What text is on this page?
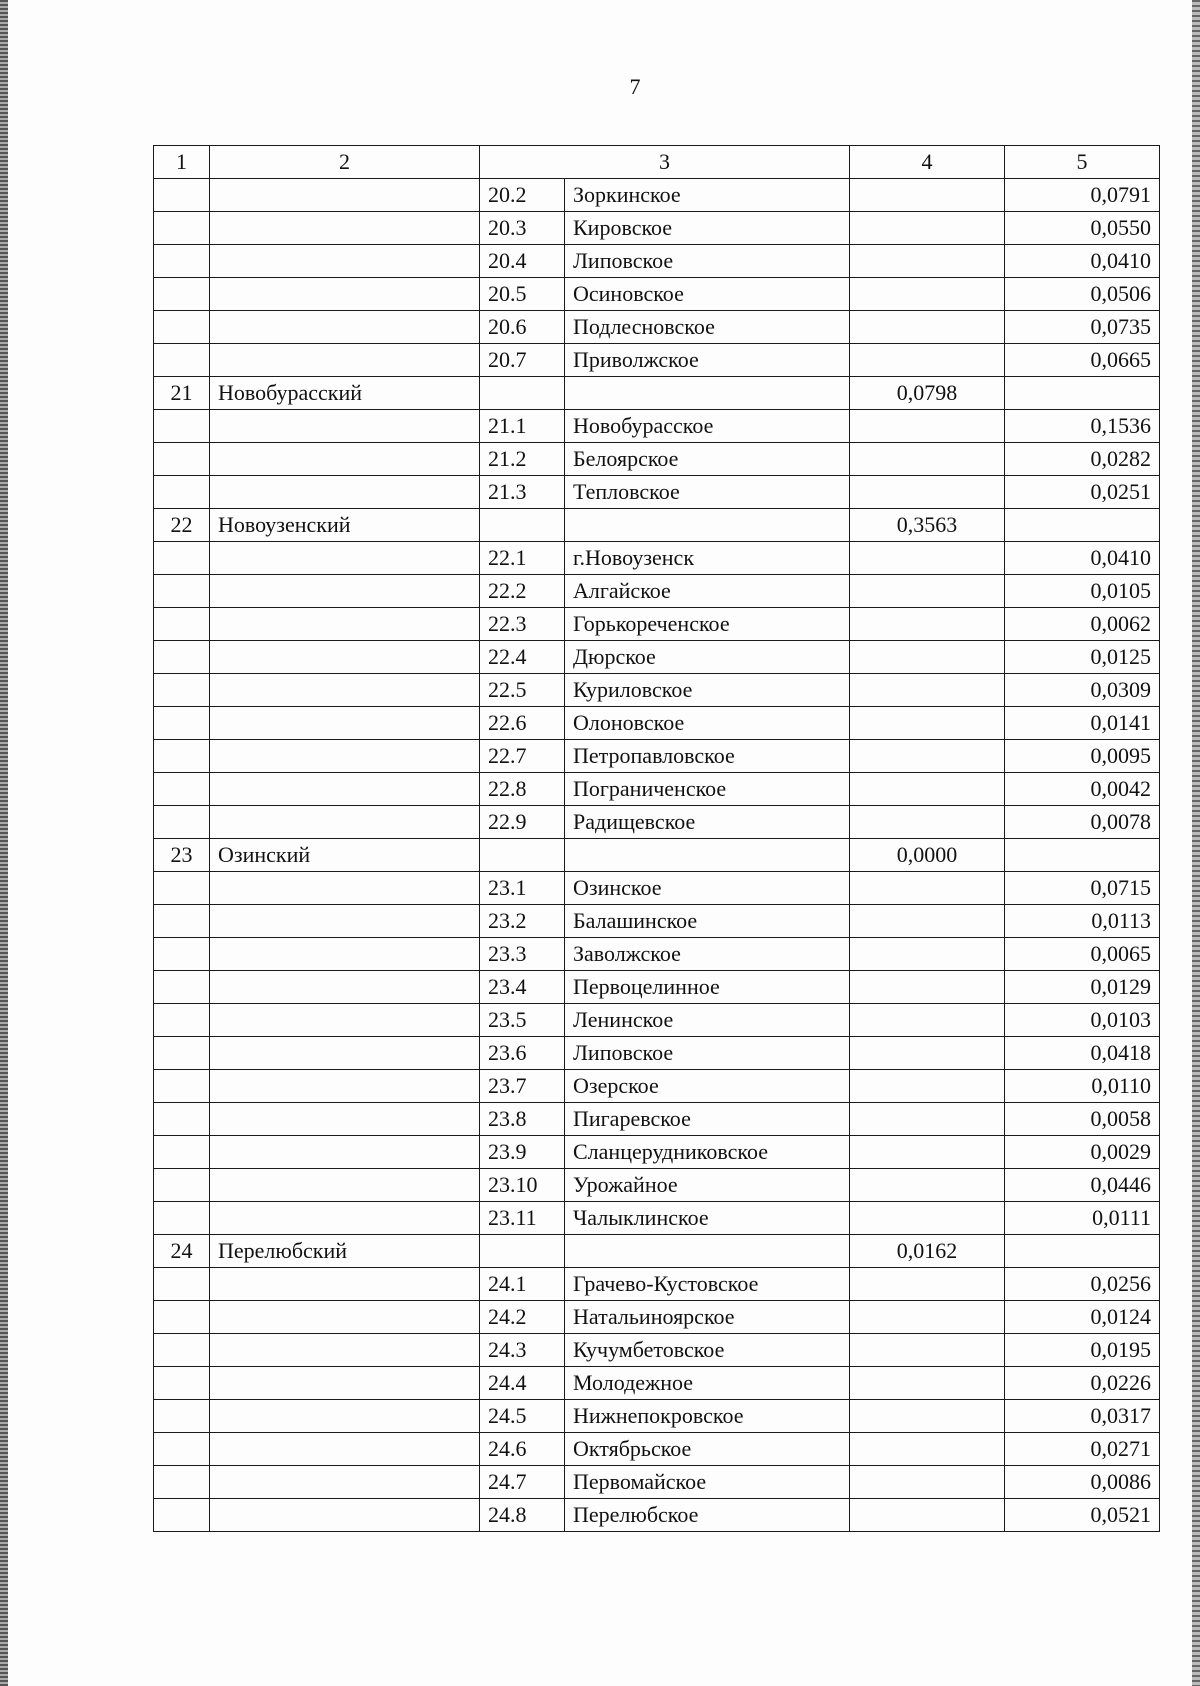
7
1	2	3		4	5
		20.2	Зоркинское		0,0791
		20.3	Кировское		0,0550
		20.4	Липовское		0,0410
		20.5	Осиновское		0,0506
		20.6	Подлесновское		0,0735
		20.7	Приволжское		0,0665
21	Новобурасский			0,0798	
		21.1	Новобурасское		0,1536
		21.2	Белоярское		0,0282
		21.3	Тепловское		0,0251
22	Новоузенский			0,3563	
		22.1	г.Новоузенск		0,0410
		22.2	Алгайское		0,0105
		22.3	Горькореченское		0,0062
		22.4	Дюрское		0,0125
		22.5	Куриловское		0,0309
		22.6	Олоновское		0,0141
		22.7	Петропавловское		0,0095
		22.8	Пограниченское		0,0042
		22.9	Радищевское		0,0078
23	Озинский			0,0000	
		23.1	Озинское		0,0715
		23.2	Балашинское		0,0113
		23.3	Заволжское		0,0065
		23.4	Первоцелинное		0,0129
		23.5	Ленинское		0,0103
		23.6	Липовское		0,0418
		23.7	Озерское		0,0110
		23.8	Пигаревское		0,0058
		23.9	Сланцерудниковское		0,0029
		23.10	Урожайное		0,0446
		23.11	Чалыклинское		0,0111
24	Перелюбский			0,0162	
		24.1	Грачево-Кустовское		0,0256
		24.2	Натальиноярское		0,0124
		24.3	Кучумбетовское		0,0195
		24.4	Молодежное		0,0226
		24.5	Нижнепокровское		0,0317
		24.6	Октябрьское		0,0271
		24.7	Первомайское		0,0086
		24.8	Перелюбское		0,0521
